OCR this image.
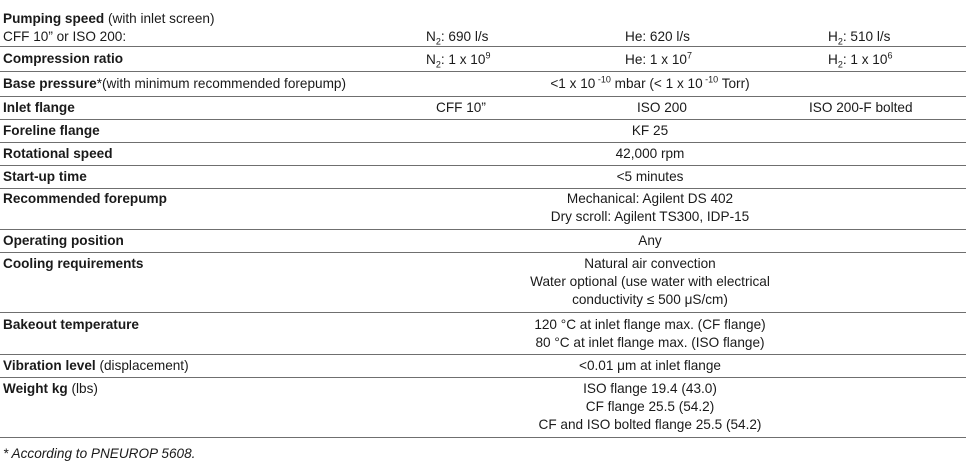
Pumping speed (with inlet screen)
CFF 10” or ISO 200:	$N_2$: 690 l/s	He: 620 l/s	$H_2$: 510 l/s
Compression ratio	$N_2$: 1 x $10^9$	He: 1 x $10^7$	$H_2$: 1 x $10^6$
Base pressure*(with minimum recommended forepump)	<1 x 10 $^{-10}$ mbar (< 1 x 10 $^{-10}$ Torr)
Inlet flange	CFF 10”	ISO 200	ISO 200-F bolted
Foreline flange	KF 25
Rotational speed	42,000 rpm
Start-up time	<5 minutes
Recommended forepump	Mechanical: Agilent DS 402
Dry scroll: Agilent TS300, IDP-15
Operating position	Any
Cooling requirements	Natural air convection
Water optional (use water with electrical
conductivity ≤ 500 μS/cm)
Bakeout temperature	120 °C at inlet flange max. (CF flange)
80 °C at inlet flange max. (ISO flange)
Vibration level (displacement)	<0.01 μm at inlet flange
Weight kg (lbs)	ISO flange 19.4 (43.0)
CF flange 25.5 (54.2)
CF and ISO bolted flange 25.5 (54.2)
* According to PNEUROP 5608.
